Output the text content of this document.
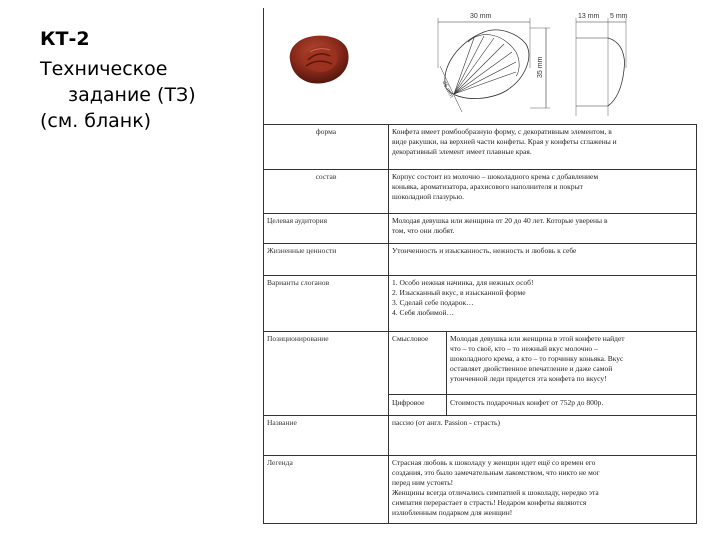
КТ-2
Техническое
задание (ТЗ)
(см. бланк)
30 mm
35 mm
45 mm
13 mm 5 mm
форма	Конфета имеет ромбообразную форму, с декоративным элементом, в
виде ракушки, на верхней части конфеты. Края у конфеты сглажены и
декоративный элемент имеет плавные края.
состав	Корпус состоит из молочно – шоколадного крема с добавлением
коньяка, ароматизатора, арахисового наполнителя и покрыт
шоколадной глазурью.
Целевая аудитория	Молодая девушка или женщина от 20 до 40 лет. Которые уверены в
том, что они любят.
Жизненные ценности	Утонченность и изысканность, нежность и любовь к себе
Варианты слоганов	1. Особо нежная начинка, для нежных особ!
2. Изысканный вкус, в изысканной форме
3. Сделай себе подарок…
4. Себя любимой…
Позиционирование	Смысловое	Молодая девушка или женщина в этой конфете найдет
что – то своё, кто – то нежный вкус молочно –
шоколадного крема, а кто – то горчинку коньяка. Вкус
оставляет двойственное впечатление и даже самой
утонченной леди придется эта конфета по вкусу!
Цифровое	Стоимость подарочных конфет от 752р до 800р.
Название	пассио (от англ. Passion - страсть)
Легенда	Страсная любовь к шоколаду у женщин идет ещё со времен его
создания, это было замечательным лакомством, что никто не мог
перед ним устоять!
Женщины всегда отличались симпатией к шоколаду, нередко эта
симпатия перерастает в страсть! Недаром конфеты являются
излюбленным подарком для женщин!
